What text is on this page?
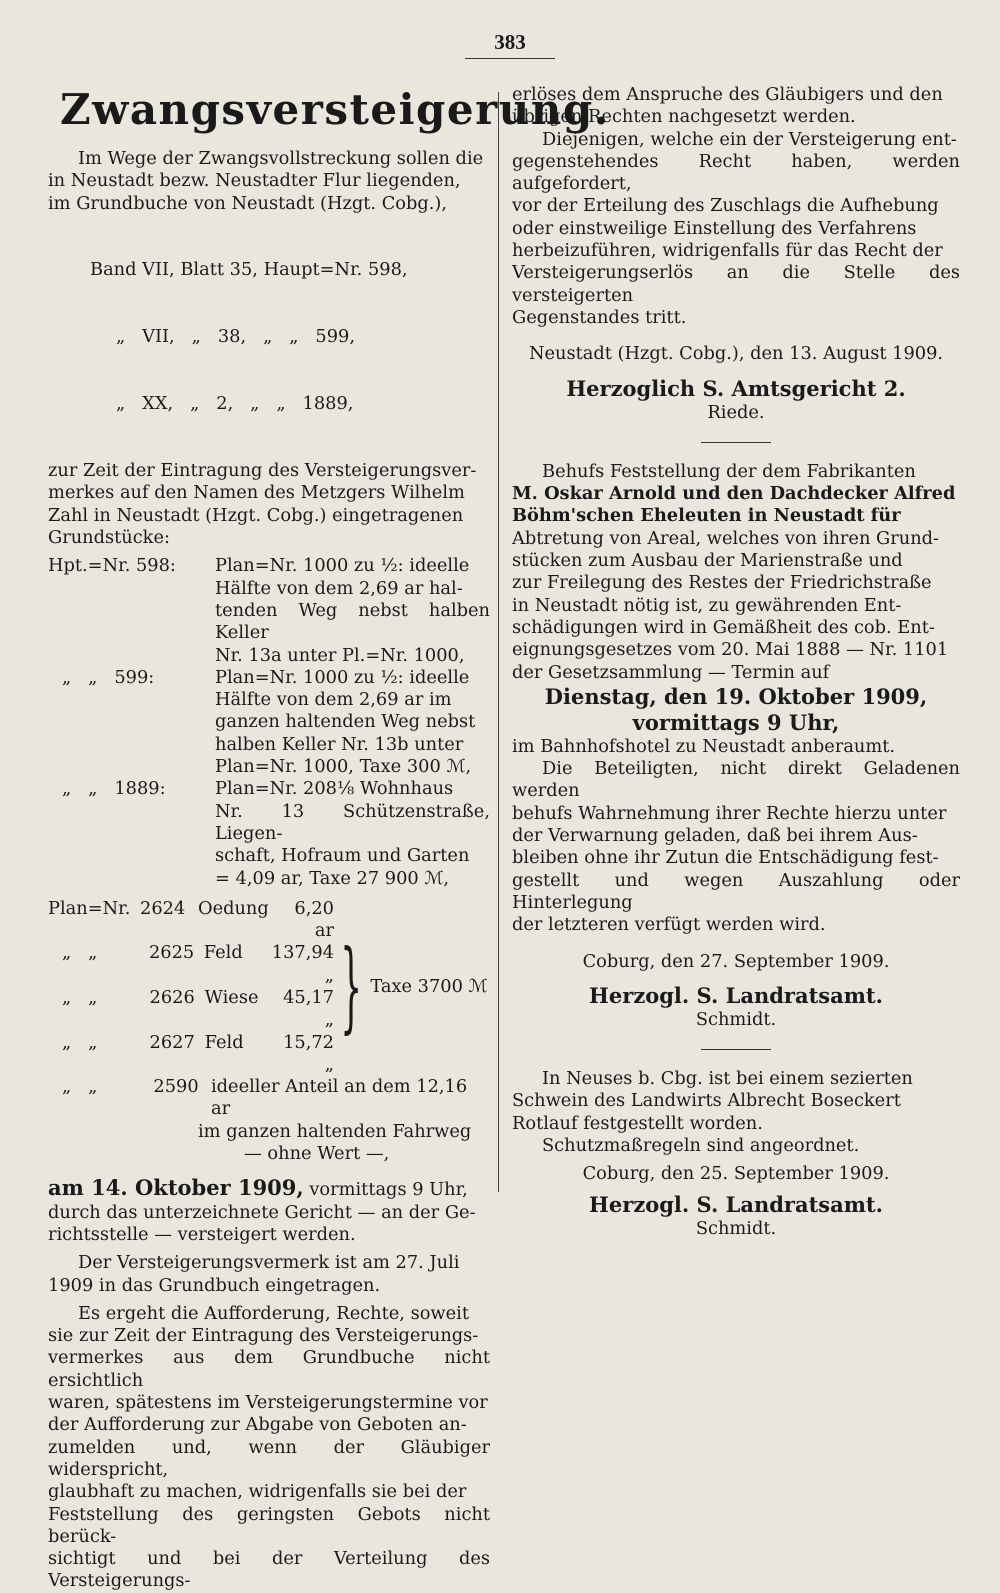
383
Zwangsversteigerung.

Im Wege der Zwangsvollstreckung sollen die

in Neustadt bezw. Neustadter Flur liegenden,

im Grundbuche von Neustadt (Hzgt. Cobg.),

Band VII, Blatt 35, Haupt=Nr. 598,

„   VII,   „   38,   „   „   599,

„   XX,   „   2,   „   „   1889,

zur Zeit der Eintragung des Versteigerungsver-

merkes auf den Namen des Metzgers Wilhelm

Zahl in Neustadt (Hzgt. Cobg.) eingetragenen

Grundstücke:

Hpt.=Nr. 598:	Plan=Nr. 1000 zu ½: ideelle

Hälfte von dem 2,69 ar hal-

tenden Weg nebst halben Keller

Nr. 13a unter Pl.=Nr. 1000,

„   „   599:	Plan=Nr. 1000 zu ½: ideelle

Hälfte von dem 2,69 ar im

ganzen haltenden Weg nebst

halben Keller Nr. 13b unter

Plan=Nr. 1000, Taxe 300 ℳ,

„   „   1889:	Plan=Nr. 208⅛ Wohnhaus

Nr. 13 Schützenstraße, Liegen-

schaft, Hofraum und Garten

= 4,09 ar, Taxe 27 900 ℳ,

Plan=Nr. 2624 Oedung	6,20 ar
„   „	2625 Feld	137,94 „
„   „	2626 Wiese	45,17 „
„   „	2627 Feld	15,72 „
} Taxe 3700 ℳ
„   „	2590 ideeller Anteil an dem 12,16 ar

im ganzen haltenden Fahrweg

— ohne Wert —,

am 14. Oktober 1909, vormittags 9 Uhr,

durch das unterzeichnete Gericht — an der Ge-

richtsstelle — versteigert werden.

Der Versteigerungsvermerk ist am 27. Juli

1909 in das Grundbuch eingetragen.

Es ergeht die Aufforderung, Rechte, soweit

sie zur Zeit der Eintragung des Versteigerungs-

vermerkes aus dem Grundbuche nicht ersichtlich

waren, spätestens im Versteigerungstermine vor

der Aufforderung zur Abgabe von Geboten an-

zumelden und, wenn der Gläubiger widerspricht,

glaubhaft zu machen, widrigenfalls sie bei der

Feststellung des geringsten Gebots nicht berück-

sichtigt und bei der Verteilung des Versteigerungs-

erlöses dem Anspruche des Gläubigers und den

übrigen Rechten nachgesetzt werden.

Diejenigen, welche ein der Versteigerung ent-

gegenstehendes Recht haben, werden aufgefordert,

vor der Erteilung des Zuschlags die Aufhebung

oder einstweilige Einstellung des Verfahrens

herbeizuführen, widrigenfalls für das Recht der

Versteigerungserlös an die Stelle des versteigerten

Gegenstandes tritt.

Neustadt (Hzgt. Cobg.), den 13. August 1909.

Herzoglich S. Amtsgericht 2.

Riede.

Behufs Feststellung der dem Fabrikanten

M. Oskar Arnold und den Dachdecker Alfred

Böhm'schen Eheleuten in Neustadt für

Abtretung von Areal, welches von ihren Grund-

stücken zum Ausbau der Marienstraße und

zur Freilegung des Restes der Friedrichstraße

in Neustadt nötig ist, zu gewährenden Ent-

schädigungen wird in Gemäßheit des cob. Ent-

eignungsgesetzes vom 20. Mai 1888 — Nr. 1101

der Gesetzsammlung — Termin auf

Dienstag, den 19. Oktober 1909,

vormittags 9 Uhr,

im Bahnhofshotel zu Neustadt anberaumt.

Die Beteiligten, nicht direkt Geladenen werden

behufs Wahrnehmung ihrer Rechte hierzu unter

der Verwarnung geladen, daß bei ihrem Aus-

bleiben ohne ihr Zutun die Entschädigung fest-

gestellt und wegen Auszahlung oder Hinterlegung

der letzteren verfügt werden wird.

Coburg, den 27. September 1909.

Herzogl. S. Landratsamt.

Schmidt.

In Neuses b. Cbg. ist bei einem sezierten

Schwein des Landwirts Albrecht Boseckert

Rotlauf festgestellt worden.

Schutzmaßregeln sind angeordnet.

Coburg, den 25. September 1909.

Herzogl. S. Landratsamt.

Schmidt.
